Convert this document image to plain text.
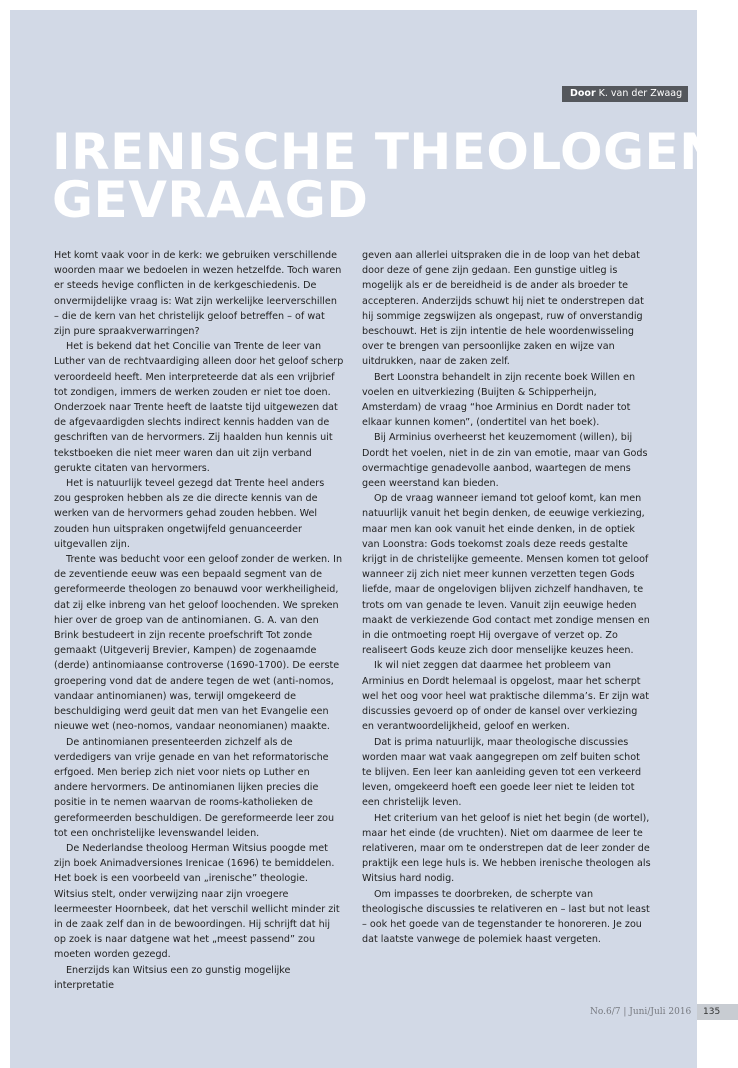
Door K. van der Zwaag
IRENISCHE THEOLOGEN
GEVRAAGD	NADER BESCHOUWD

Het komt vaak voor in de kerk: we gebruiken verschillende woorden maar we bedoelen in wezen hetzelfde. Toch waren er steeds hevige conflicten in de kerkgeschiedenis. De onvermijdelijke vraag is: Wat zijn werkelijke leerverschillen – die de kern van het christelijk geloof betreffen – of wat zijn pure spraakverwarringen?

Het is bekend dat het Concilie van Trente de leer van Luther van de rechtvaardiging alleen door het geloof scherp veroordeeld heeft. Men interpreteerde dat als een vrijbrief tot zondigen, immers de werken zouden er niet toe doen. Onderzoek naar Trente heeft de laatste tijd uitgewezen dat de afgevaardigden slechts indirect kennis hadden van de geschriften van de hervormers. Zij haalden hun kennis uit tekstboeken die niet meer waren dan uit zijn verband gerukte citaten van hervormers.

Het is natuurlijk teveel gezegd dat Trente heel anders zou gesproken hebben als ze die directe kennis van de werken van de hervormers gehad zouden hebben. Wel zouden hun uitspraken ongetwijfeld genuanceerder uitgevallen zijn.

Trente was beducht voor een geloof zonder de werken. In de zeventiende eeuw was een bepaald segment van de gereformeerde theologen zo benauwd voor werkheiligheid, dat zij elke inbreng van het geloof loochenden. We spreken hier over de groep van de antinomianen. G. A. van den Brink bestudeert in zijn recente proefschrift Tot zonde gemaakt (Uitgeverij Brevier, Kampen) de zogenaamde (derde) antinomiaanse controverse (1690-1700). De eerste groepering vond dat de andere tegen de wet (anti-nomos, vandaar antinomianen) was, terwijl omgekeerd de beschuldiging werd geuit dat men van het Evangelie een nieuwe wet (neo-nomos, vandaar neonomianen) maakte.

De antinomianen presenteerden zichzelf als de verdedigers van vrije genade en van het reformatorische erfgoed. Men beriep zich niet voor niets op Luther en andere hervormers. De antinomianen lijken precies die positie in te nemen waarvan de rooms-katholieken de gereformeerden beschuldigen. De gereformeerde leer zou tot een onchristelijke levenswandel leiden.

De Nederlandse theoloog Herman Witsius poogde met zijn boek Animadversiones Irenicae (1696) te bemiddelen. Het boek is een voorbeeld van „irenische” theologie. Witsius stelt, onder verwijzing naar zijn vroegere leermeester Hoornbeek, dat het verschil wellicht minder zit in de zaak zelf dan in de bewoordingen. Hij schrijft dat hij op zoek is naar datgene wat het „meest passend” zou moeten worden gezegd.

Enerzijds kan Witsius een zo gunstig mogelijke interpretatie

geven aan allerlei uitspraken die in de loop van het debat door deze of gene zijn gedaan. Een gunstige uitleg is mogelijk als er de bereidheid is de ander als broeder te accepteren. Anderzijds schuwt hij niet te onderstrepen dat hij sommige zegswijzen als ongepast, ruw of onverstandig beschouwt. Het is zijn intentie de hele woordenwisseling over te brengen van persoonlijke zaken en wijze van uitdrukken, naar de zaken zelf.

Bert Loonstra behandelt in zijn recente boek Willen en voelen en uitverkiezing (Buijten & Schipperheijn, Amsterdam) de vraag “hoe Arminius en Dordt nader tot elkaar kunnen komen”, (ondertitel van het boek).

Bij Arminius overheerst het keuzemoment (willen), bij Dordt het voelen, niet in de zin van emotie, maar van Gods overmachtige genadevolle aanbod, waartegen de mens geen weerstand kan bieden.

Op de vraag wanneer iemand tot geloof komt, kan men natuurlijk vanuit het begin denken, de eeuwige verkiezing, maar men kan ook vanuit het einde denken, in de optiek van Loonstra: Gods toekomst zoals deze reeds gestalte krijgt in de christelijke gemeente. Mensen komen tot geloof wanneer zij zich niet meer kunnen verzetten tegen Gods liefde, maar de ongelovigen blijven zichzelf handhaven, te trots om van genade te leven. Vanuit zijn eeuwige heden maakt de verkiezende God contact met zondige mensen en in die ontmoeting roept Hij overgave of verzet op. Zo realiseert Gods keuze zich door menselijke keuzes heen.

Ik wil niet zeggen dat daarmee het probleem van Arminius en Dordt helemaal is opgelost, maar het scherpt wel het oog voor heel wat praktische dilemma’s. Er zijn wat discussies gevoerd op of onder de kansel over verkiezing en verantwoordelijkheid, geloof en werken.

Dat is prima natuurlijk, maar theologische discussies worden maar wat vaak aangegrepen om zelf buiten schot te blijven. Een leer kan aanleiding geven tot een verkeerd leven, omgekeerd hoeft een goede leer niet te leiden tot een christelijk leven.

Het criterium van het geloof is niet het begin (de wortel), maar het einde (de vruchten). Niet om daarmee de leer te relativeren, maar om te onderstrepen dat de leer zonder de praktijk een lege huls is. We hebben irenische theologen als Witsius hard nodig.

Om impasses te doorbreken, de scherpte van theologische discussies te relativeren en – last but not least – ook het goede van de tegenstander te honoreren. Je zou dat laatste vanwege de polemiek haast vergeten.

No.6/7 | Juni/Juli 2016	135
